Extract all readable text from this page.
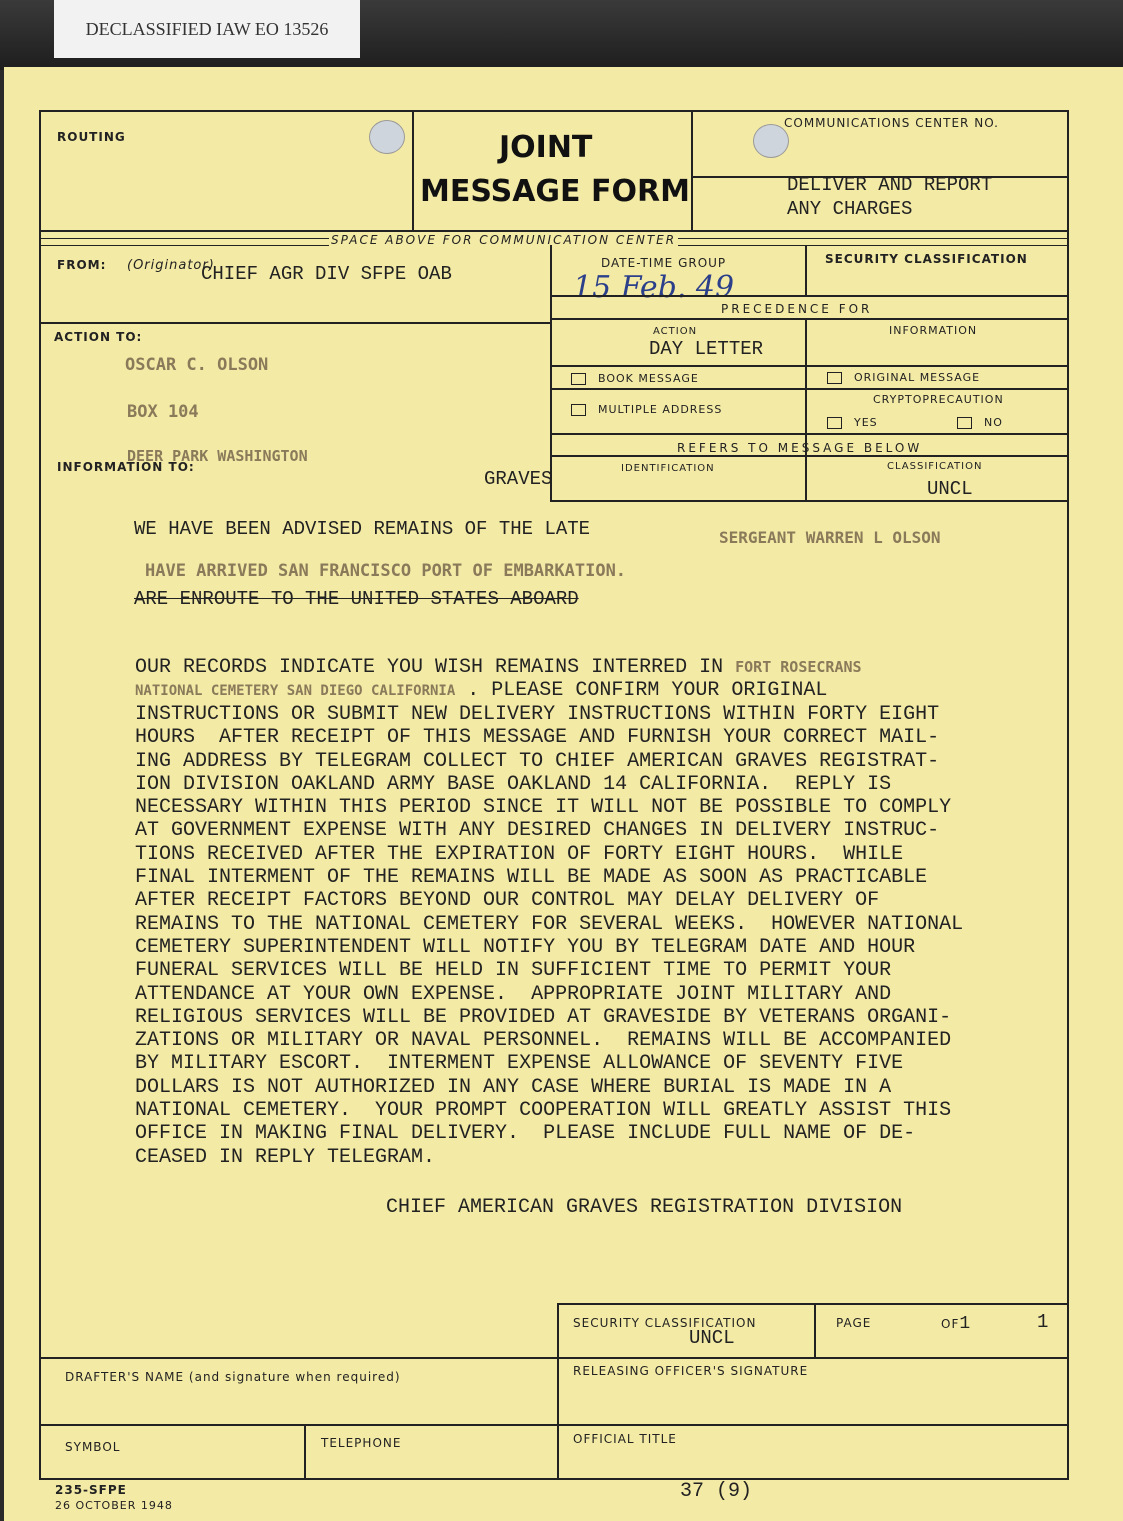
DECLASSIFIED IAW EO 13526
ROUTING	JOINT
MESSAGE FORM
COMMUNICATIONS CENTER NO.
DELIVER AND REPORT
ANY CHARGES
SPACE ABOVE FOR COMMUNICATION CENTER
FROM: (Originator)
CHIEF AGR DIV SFPE OAB	DATE-TIME GROUP
15 Feb. 49
SECURITY CLASSIFICATION
PRECEDENCE FOR
ACTION
DAY LETTER
INFORMATION
BOOK MESSAGE	ORIGINAL MESSAGE
MULTIPLE ADDRESS
CRYPTOPRECAUTION
YES	NO
REFERS TO MESSAGE BELOW
IDENTIFICATION	CLASSIFICATION
UNCL
GRAVES
ACTION TO:
OSCAR C. OLSON
BOX 104
DEER PARK WASHINGTON
INFORMATION TO:
WE HAVE BEEN ADVISED REMAINS OF THE LATE	SERGEANT WARREN L OLSON
HAVE ARRIVED SAN FRANCISCO PORT OF EMBARKATION.
ARE ENROUTE TO THE UNITED STATES ABOARD
SECURITY CLASSIFICATION
UNCL
PAGE	OF1	1
DRAFTER'S NAME (and signature when required)	RELEASING OFFICER'S SIGNATURE
SYMBOL	TELEPHONE	OFFICIAL TITLE
OUR RECORDS INDICATE YOU WISH REMAINS INTERRED IN FORT ROSECRANS
NATIONAL CEMETERY SAN DIEGO CALIFORNIA . PLEASE CONFIRM YOUR ORIGINAL
INSTRUCTIONS OR SUBMIT NEW DELIVERY INSTRUCTIONS WITHIN FORTY EIGHT
HOURS  AFTER RECEIPT OF THIS MESSAGE AND FURNISH YOUR CORRECT MAIL-
ING ADDRESS BY TELEGRAM COLLECT TO CHIEF AMERICAN GRAVES REGISTRAT-
ION DIVISION OAKLAND ARMY BASE OAKLAND 14 CALIFORNIA.  REPLY IS
NECESSARY WITHIN THIS PERIOD SINCE IT WILL NOT BE POSSIBLE TO COMPLY
AT GOVERNMENT EXPENSE WITH ANY DESIRED CHANGES IN DELIVERY INSTRUC-
TIONS RECEIVED AFTER THE EXPIRATION OF FORTY EIGHT HOURS.  WHILE
FINAL INTERMENT OF THE REMAINS WILL BE MADE AS SOON AS PRACTICABLE
AFTER RECEIPT FACTORS BEYOND OUR CONTROL MAY DELAY DELIVERY OF
REMAINS TO THE NATIONAL CEMETERY FOR SEVERAL WEEKS.  HOWEVER NATIONAL
CEMETERY SUPERINTENDENT WILL NOTIFY YOU BY TELEGRAM DATE AND HOUR
FUNERAL SERVICES WILL BE HELD IN SUFFICIENT TIME TO PERMIT YOUR
ATTENDANCE AT YOUR OWN EXPENSE.  APPROPRIATE JOINT MILITARY AND
RELIGIOUS SERVICES WILL BE PROVIDED AT GRAVESIDE BY VETERANS ORGANI-
ZATIONS OR MILITARY OR NAVAL PERSONNEL.  REMAINS WILL BE ACCOMPANIED
BY MILITARY ESCORT.  INTERMENT EXPENSE ALLOWANCE OF SEVENTY FIVE
DOLLARS IS NOT AUTHORIZED IN ANY CASE WHERE BURIAL IS MADE IN A
NATIONAL CEMETERY.  YOUR PROMPT COOPERATION WILL GREATLY ASSIST THIS
OFFICE IN MAKING FINAL DELIVERY.  PLEASE INCLUDE FULL NAME OF DE-
CEASED IN REPLY TELEGRAM.
CHIEF AMERICAN GRAVES REGISTRATION DIVISION
235-SFPE
26 OCTOBER 1948
37 (9)
